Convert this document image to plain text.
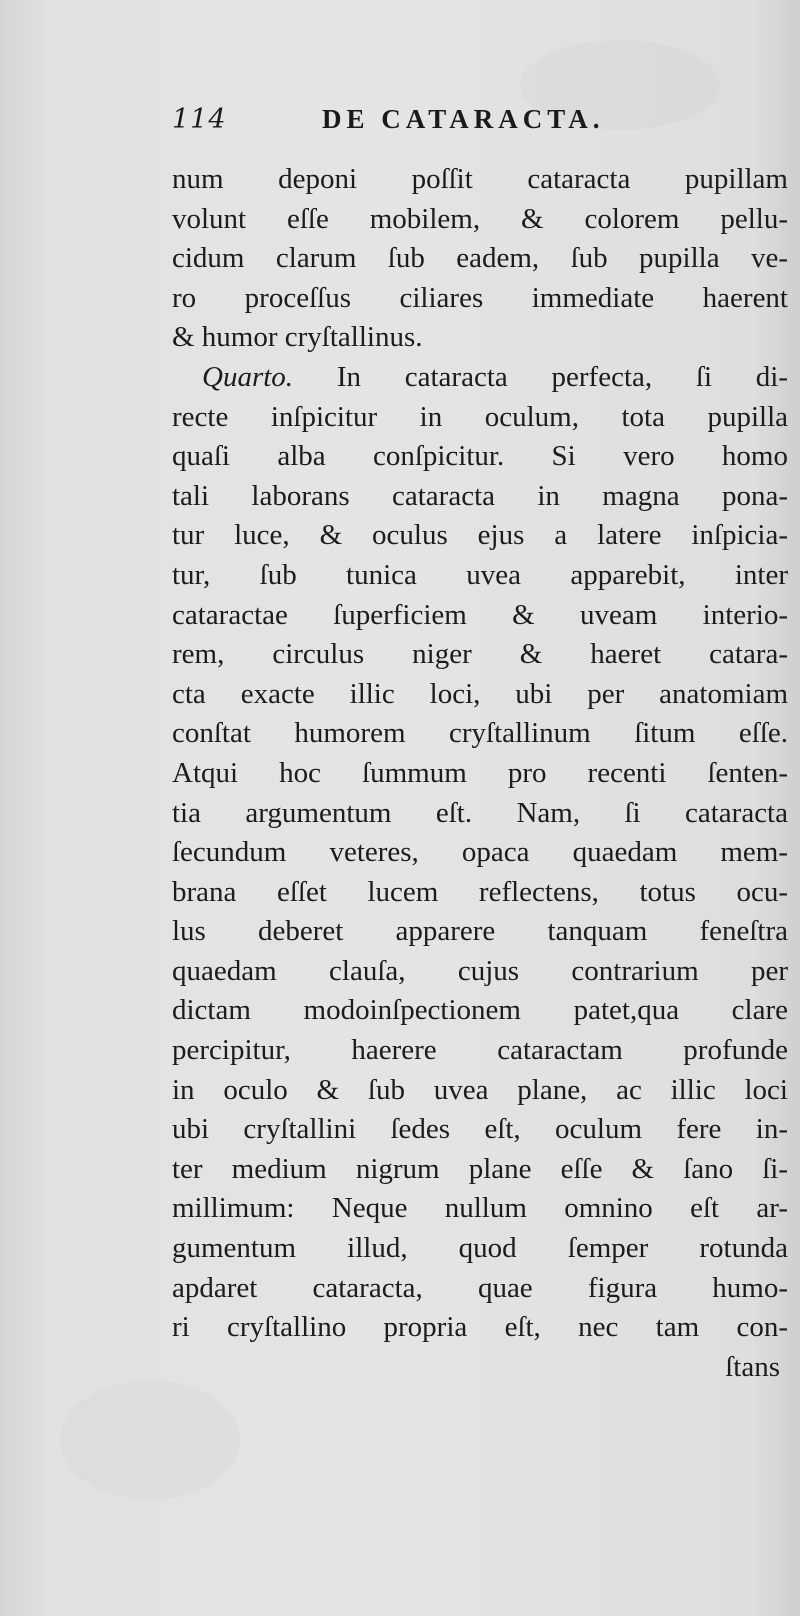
114	DE CATARACTA.
num deponi poſſit cataracta pupillam
volunt eſſe mobilem, & colorem pellu-
cidum clarum ſub eadem, ſub pupilla ve-
ro proceſſus ciliares immediate haerent
& humor cryſtallinus.
Quarto. In cataracta perfecta, ſi di-
recte inſpicitur in oculum, tota pupilla
quaſi alba conſpicitur. Si vero homo
tali laborans cataracta in magna pona-
tur luce, & oculus ejus a latere inſpicia-
tur, ſub tunica uvea apparebit, inter
cataractae ſuperficiem & uveam interio-
rem, circulus niger & haeret catara-
cta exacte illic loci, ubi per anatomiam
conſtat humorem cryſtallinum ſitum eſſe.
Atqui hoc ſummum pro recenti ſenten-
tia argumentum eſt. Nam, ſi cataracta
ſecundum veteres, opaca quaedam mem-
brana eſſet lucem reflectens, totus ocu-
lus deberet apparere tanquam feneſtra
quaedam clauſa, cujus contrarium per
dictam modoinſpectionem patet,qua clare
percipitur, haerere cataractam profunde
in oculo & ſub uvea plane, ac illic loci
ubi cryſtallini ſedes eſt, oculum fere in-
ter medium nigrum plane eſſe & ſano ſi-
millimum: Neque nullum omnino eſt ar-
gumentum illud, quod ſemper rotunda
apdaret cataracta, quae figura humo-
ri cryſtallino propria eſt, nec tam con-
ſtans
